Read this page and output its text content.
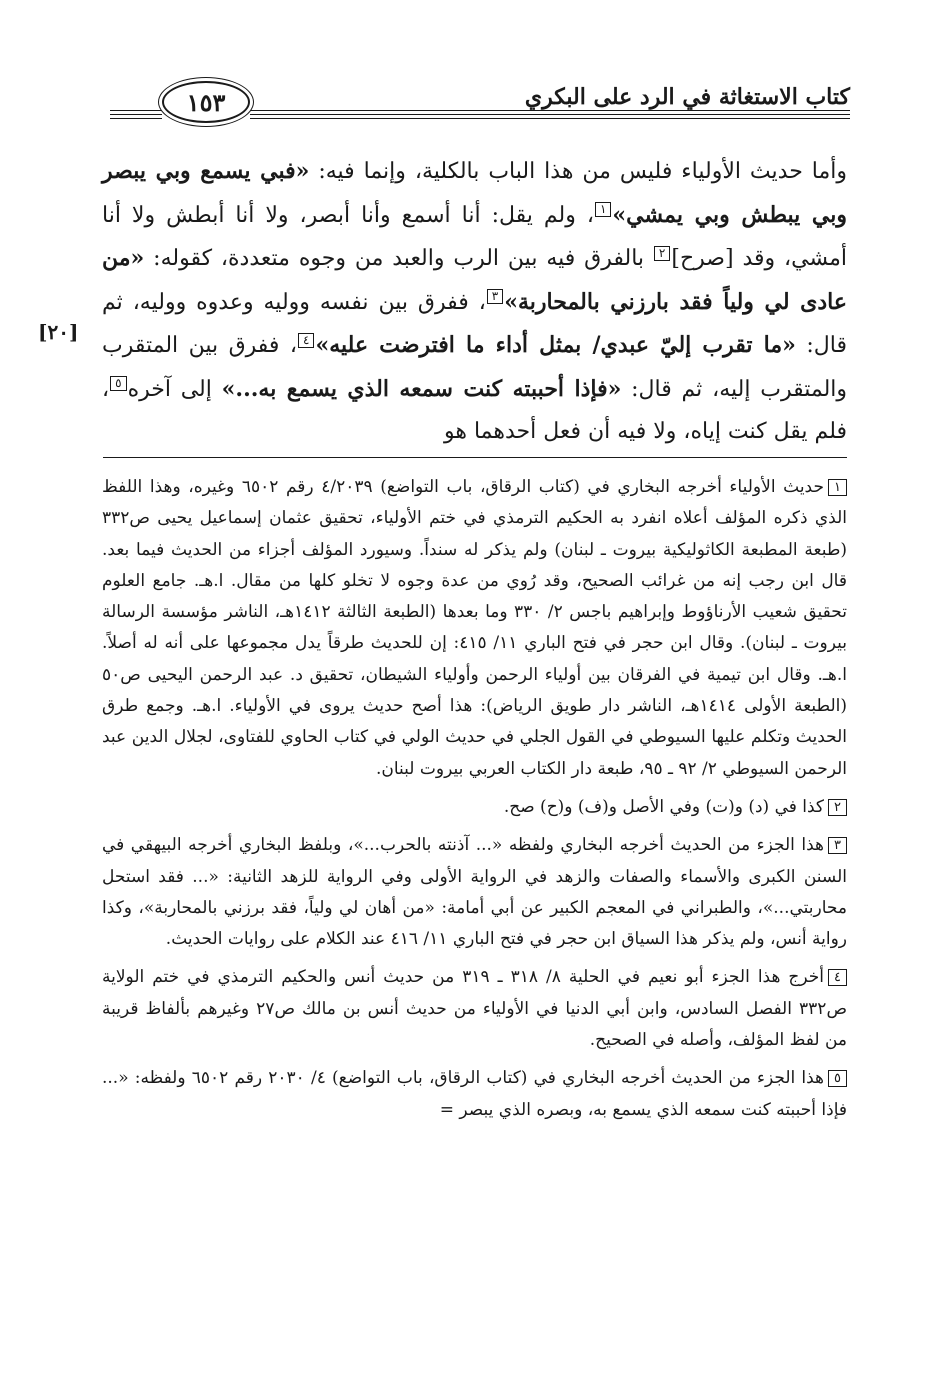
كتاب الاستغاثة في الرد على البكري
١٥٣
[٢٠]
وأما حديث الأولياء فليس من هذا الباب بالكلية، وإنما فيه: «فبي يسمع وبي يبصر وبي يبطش وبي يمشي»١، ولم يقل: أنا أسمع وأنا أبصر، ولا أنا أبطش ولا أنا أمشي، وقد [صرح]٢ بالفرق فيه بين الرب والعبد من وجوه متعددة، كقوله: «من عادى لي ولياً فقد بارزني بالمحاربة»٣، ففرق بين نفسه ووليه وعدوه ووليه، ثم قال: «ما تقرب إليّ عبدي/ بمثل أداء ما افترضت عليه»٤، ففرق بين المتقرب والمتقرب إليه، ثم قال: «فإذا أحببته كنت سمعه الذي يسمع به...» إلى آخره٥، فلم يقل كنت إياه، ولا فيه أن فعل أحدهما هو

١حديث الأولياء أخرجه البخاري في (كتاب الرقاق، باب التواضع) ٤/٢٠٣٩ رقم ٦٥٠٢ وغيره، وهذا اللفظ الذي ذكره المؤلف أعلاه انفرد به الحكيم الترمذي في ختم الأولياء، تحقيق عثمان إسماعيل يحيى ص٣٣٢ (طبعة المطبعة الكاثوليكية بيروت ـ لبنان) ولم يذكر له سنداً. وسيورد المؤلف أجزاء من الحديث فيما بعد. قال ابن رجب إنه من غرائب الصحيح، وقد رُوي من عدة وجوه لا تخلو كلها من مقال. ا.هـ. جامع العلوم تحقيق شعيب الأرناؤوط وإبراهيم باجس ٢/ ٣٣٠ وما بعدها (الطبعة الثالثة ١٤١٢هـ، الناشر مؤسسة الرسالة بيروت ـ لبنان). وقال ابن حجر في فتح الباري ١١/ ٤١٥: إن للحديث طرقاً يدل مجموعها على أنه له أصلاً. ا.هـ. وقال ابن تيمية في الفرقان بين أولياء الرحمن وأولياء الشيطان، تحقيق د. عبد الرحمن اليحيى ص٥٠ (الطبعة الأولى ١٤١٤هـ، الناشر دار طويق الرياض): هذا أصح حديث يروى في الأولياء. ا.هـ. وجمع طرق الحديث وتكلم عليها السيوطي في القول الجلي في حديث الولي في كتاب الحاوي للفتاوى، لجلال الدين عبد الرحمن السيوطي ٢/ ٩٢ ـ ٩٥، طبعة دار الكتاب العربي بيروت لبنان.

٢كذا في (د) و(ت) وفي الأصل و(ف) و(ح) صح.

٣هذا الجزء من الحديث أخرجه البخاري ولفظه «... آذنته بالحرب...»، وبلفظ البخاري أخرجه البيهقي في السنن الكبرى والأسماء والصفات والزهد في الرواية الأولى وفي الرواية للزهد الثانية: «... فقد استحل محاربتي...»، والطبراني في المعجم الكبير عن أبي أمامة: «من أهان لي ولياً، فقد برزني بالمحاربة»، وكذا رواية أنس، ولم يذكر هذا السياق ابن حجر في فتح الباري ١١/ ٤١٦ عند الكلام على روايات الحديث.

٤أخرج هذا الجزء أبو نعيم في الحلية ٨/ ٣١٨ ـ ٣١٩ من حديث أنس والحكيم الترمذي في ختم الولاية ص٣٣٢ الفصل السادس، وابن أبي الدنيا في الأولياء من حديث أنس بن مالك ص٢٧ وغيرهم بألفاظ قريبة من لفظ المؤلف، وأصله في الصحيح.

٥هذا الجزء من الحديث أخرجه البخاري في (كتاب الرقاق، باب التواضع) ٤/ ٢٠٣٠ رقم ٦٥٠٢ ولفظه: «... فإذا أحببته كنت سمعه الذي يسمع به، وبصره الذي يبصر =
